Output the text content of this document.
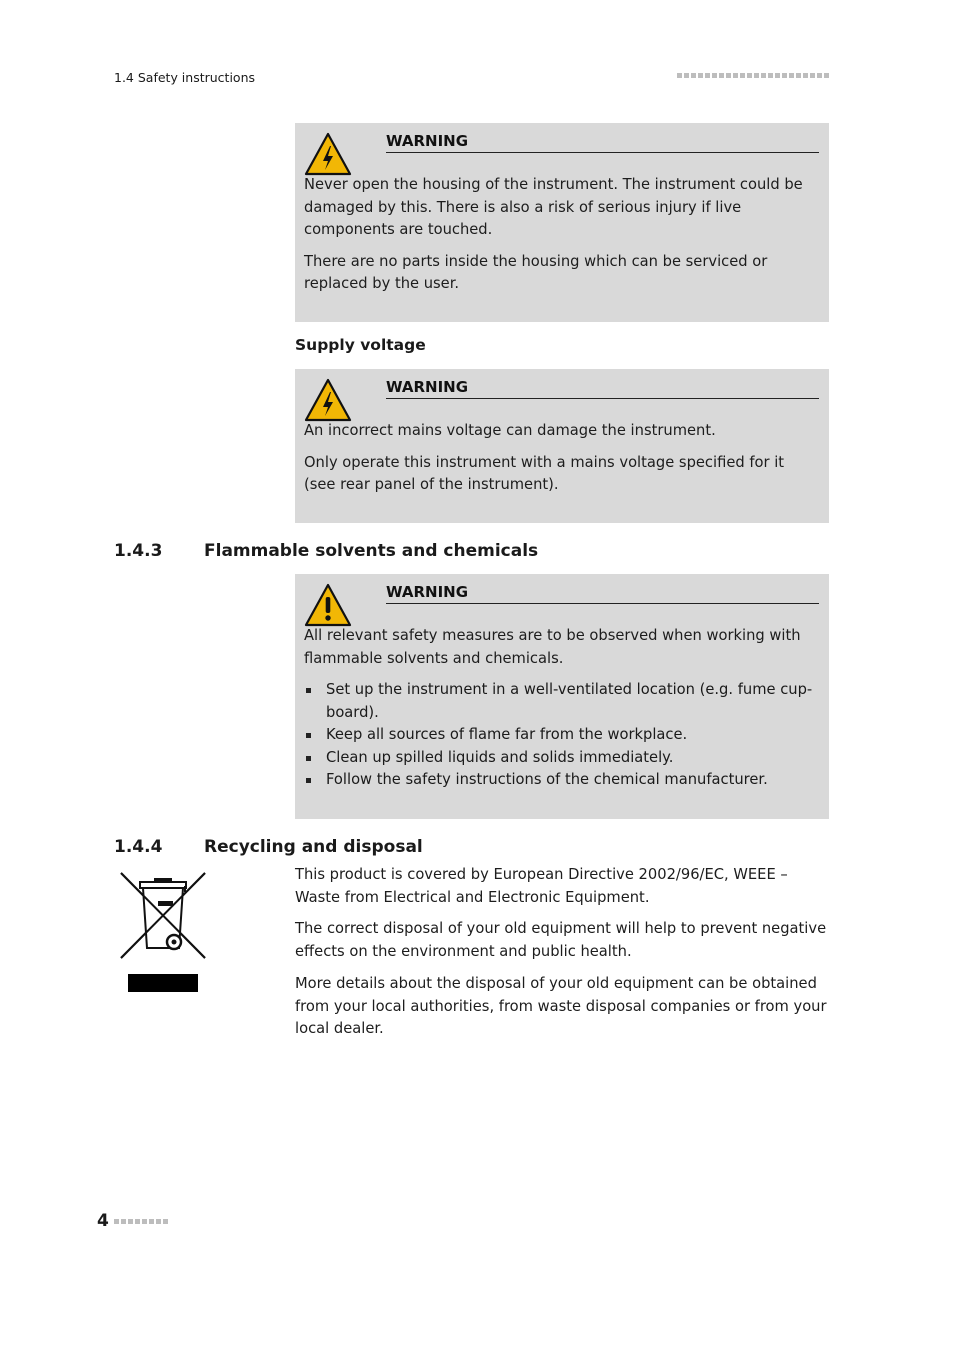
1.4 Safety instructions
WARNING

Never open the housing of the instrument. The instrument could be damaged by this. There is also a risk of serious injury if live components are touched.

There are no parts inside the housing which can be serviced or replaced by the user.

Supply voltage
WARNING

An incorrect mains voltage can damage the instrument.

Only operate this instrument with a mains voltage specified for it (see rear panel of the instrument).

1.4.3 Flammable solvents and chemicals
WARNING

All relevant safety measures are to be observed when working with flammable solvents and chemicals.

Set up the instrument in a well-ventilated location (e.g. fume cup-board).
Keep all sources of flame far from the workplace.
Clean up spilled liquids and solids immediately.
Follow the safety instructions of the chemical manufacturer.
1.4.4 Recycling and disposal

This product is covered by European Directive 2002/96/EC, WEEE – Waste from Electrical and Electronic Equipment.

The correct disposal of your old equipment will help to prevent negative effects on the environment and public health.

More details about the disposal of your old equipment can be obtained from your local authorities, from waste disposal companies or from your local dealer.

4
